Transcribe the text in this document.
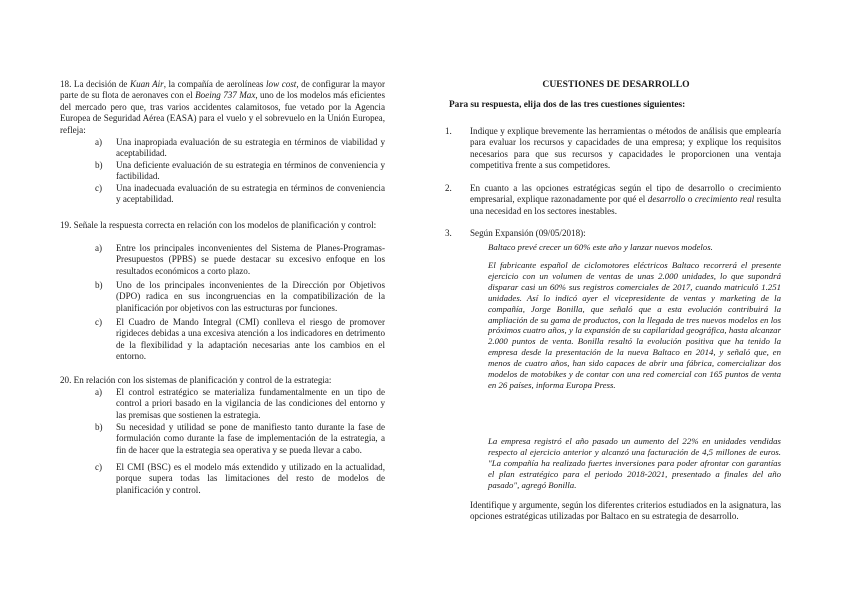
18. La decisión de Kuan Air, la compañía de aerolíneas low cost, de configurar la mayor parte de su flota de aeronaves con el Boeing 737 Max, uno de los modelos más eficientes del mercado pero que, tras varios accidentes calamitosos, fue vetado por la Agencia Europea de Seguridad Aérea (EASA) para el vuelo y el sobrevuelo en la Unión Europea, refleja:

a) Una inapropiada evaluación de su estrategia en términos de viabilidad y aceptabilidad.

b) Una deficiente evaluación de su estrategia en términos de conveniencia y factibilidad.

c) Una inadecuada evaluación de su estrategia en términos de conveniencia y aceptabilidad.

19. Señale la respuesta correcta en relación con los modelos de planificación y control:

a) Entre los principales inconvenientes del Sistema de Planes-Programas-Presupuestos (PPBS) se puede destacar su excesivo enfoque en los resultados económicos a corto plazo.

b) Uno de los principales inconvenientes de la Dirección por Objetivos (DPO) radica en sus incongruencias en la compatibilización de la planificación por objetivos con las estructuras por funciones.

c) El Cuadro de Mando Integral (CMI) conlleva el riesgo de promover rigideces debidas a una excesiva atención a los indicadores en detrimento de la flexibilidad y la adaptación necesarias ante los cambios en el entorno.

20. En relación con los sistemas de planificación y control de la estrategia:

a) El control estratégico se materializa fundamentalmente en un tipo de control a priori basado en la vigilancia de las condiciones del entorno y las premisas que sostienen la estrategia.

b) Su necesidad y utilidad se pone de manifiesto tanto durante la fase de formulación como durante la fase de implementación de la estrategia, a fin de hacer que la estrategia sea operativa y se pueda llevar a cabo.

c) El CMI (BSC) es el modelo más extendido y utilizado en la actualidad, porque supera todas las limitaciones del resto de modelos de planificación y control.

CUESTIONES DE DESARROLLO

Para su respuesta, elija dos de las tres cuestiones siguientes:

1. Indique y explique brevemente las herramientas o métodos de análisis que emplearía para evaluar los recursos y capacidades de una empresa; y explique los requisitos necesarios para que sus recursos y capacidades le proporcionen una ventaja competitiva frente a sus competidores.

2. En cuanto a las opciones estratégicas según el tipo de desarrollo o crecimiento empresarial, explique razonadamente por qué el desarrollo o crecimiento real resulta una necesidad en los sectores inestables.

3. Según Expansión (09/05/2018):

Baltaco prevé crecer un 60% este año y lanzar nuevos modelos.

El fabricante español de ciclomotores eléctricos Baltaco recorrerá el presente ejercicio con un volumen de ventas de unas 2.000 unidades, lo que supondrá disparar casi un 60% sus registros comerciales de 2017, cuando matriculó 1.251 unidades. Así lo indicó ayer el vicepresidente de ventas y marketing de la compañía, Jorge Bonilla, que señaló que a esta evolución contribuirá la ampliación de su gama de productos, con la llegada de tres nuevos modelos en los próximos cuatro años, y la expansión de su capilaridad geográfica, hasta alcanzar 2.000 puntos de venta. Bonilla resaltó la evolución positiva que ha tenido la empresa desde la presentación de la nueva Baltaco en 2014, y señaló que, en menos de cuatro años, han sido capaces de abrir una fábrica, comercializar dos modelos de motobikes y de contar con una red comercial con 165 puntos de venta en 26 países, informa Europa Press.

La empresa registró el año pasado un aumento del 22% en unidades vendidas respecto al ejercicio anterior y alcanzó una facturación de 4,5 millones de euros. "La compañía ha realizado fuertes inversiones para poder afrontar con garantías el plan estratégico para el periodo 2018-2021, presentado a finales del año pasado", agregó Bonilla.

Identifique y argumente, según los diferentes criterios estudiados en la asignatura, las opciones estratégicas utilizadas por Baltaco en su estrategia de desarrollo.
